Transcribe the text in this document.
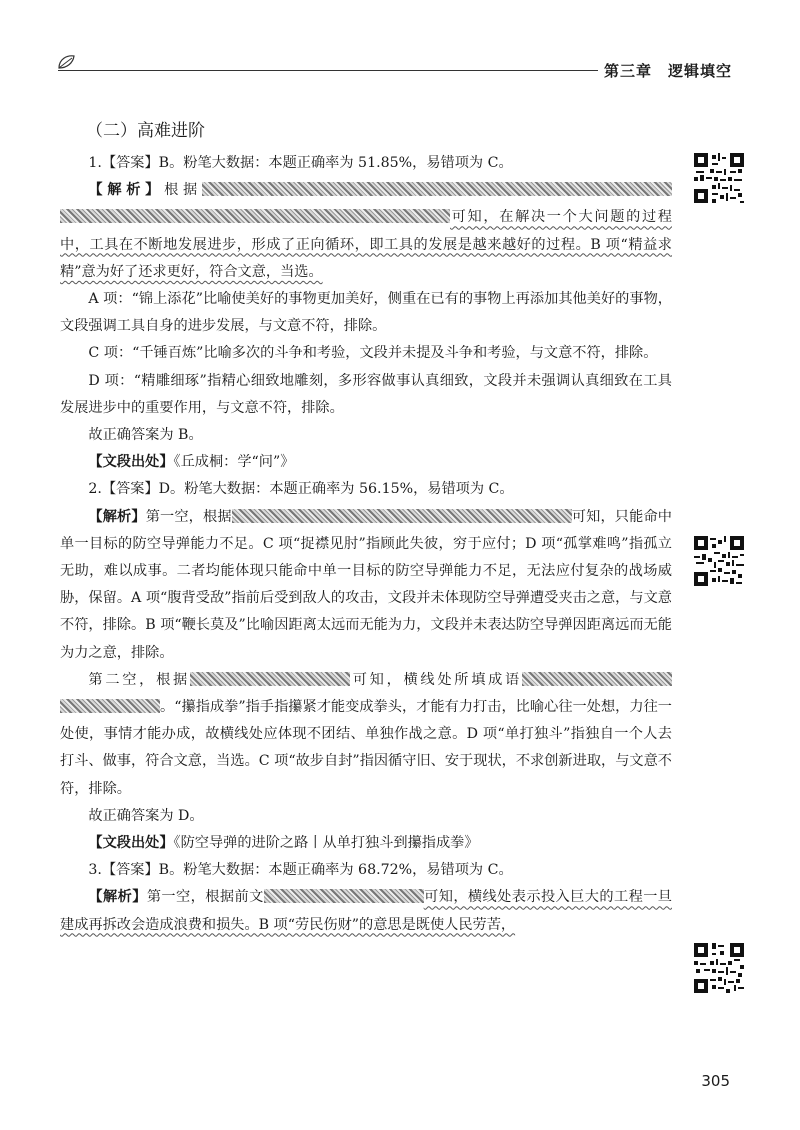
第三章　逻辑填空
（二）高难进阶

1.【答案】B。粉笔大数据：本题正确率为 51.85%，易错项为 C。

【解析】根据可知，在解决一个大问题的过程中，工具在不断地发展进步，形成了正向循环，即工具的发展是越来越好的过程。B 项“精益求精”意为好了还求更好，符合文意，当选。

A 项：“锦上添花”比喻使美好的事物更加美好，侧重在已有的事物上再添加其他美好的事物，文段强调工具自身的进步发展，与文意不符，排除。

C 项：“千锤百炼”比喻多次的斗争和考验，文段并未提及斗争和考验，与文意不符，排除。

D 项：“精雕细琢”指精心细致地雕刻，多形容做事认真细致，文段并未强调认真细致在工具发展进步中的重要作用，与文意不符，排除。

故正确答案为 B。

【文段出处】《丘成桐：学“问”》

2.【答案】D。粉笔大数据：本题正确率为 56.15%，易错项为 C。

【解析】第一空，根据	可知，只能命中单一目标的防空导弹能力不足。C 项“捉襟见肘”指顾此失彼，穷于应付；D 项“孤掌难鸣”指孤立无助，难以成事。二者均能体现只能命中单一目标的防空导弹能力不足，无法应付复杂的战场威胁，保留。A 项“腹背受敌”指前后受到敌人的攻击，文段并未体现防空导弹遭受夹击之意，与文意不符，排除。B 项“鞭长莫及”比喻因距离太远而无能为力，文段并未表达防空导弹因距离远而无能为力之意，排除。

第二空，根据	可知，横线处所填成语。“攥指成拳”指手指攥紧才能变成拳头，才能有力打击，比喻心往一处想，力往一处使，事情才能办成，故横线处应体现不团结、单独作战之意。D 项“单打独斗”指独自一个人去打斗、做事，符合文意，当选。C 项“故步自封”指因循守旧、安于现状，不求创新进取，与文意不符，排除。

故正确答案为 D。

【文段出处】《防空导弹的进阶之路丨从单打独斗到攥指成拳》

3.【答案】B。粉笔大数据：本题正确率为 68.72%，易错项为 C。

【解析】第一空，根据前文	可知，横线处表示投入巨大的工程一旦建成再拆改会造成浪费和损失。B 项“劳民伤财”的意思是既使人民劳苦，

305
